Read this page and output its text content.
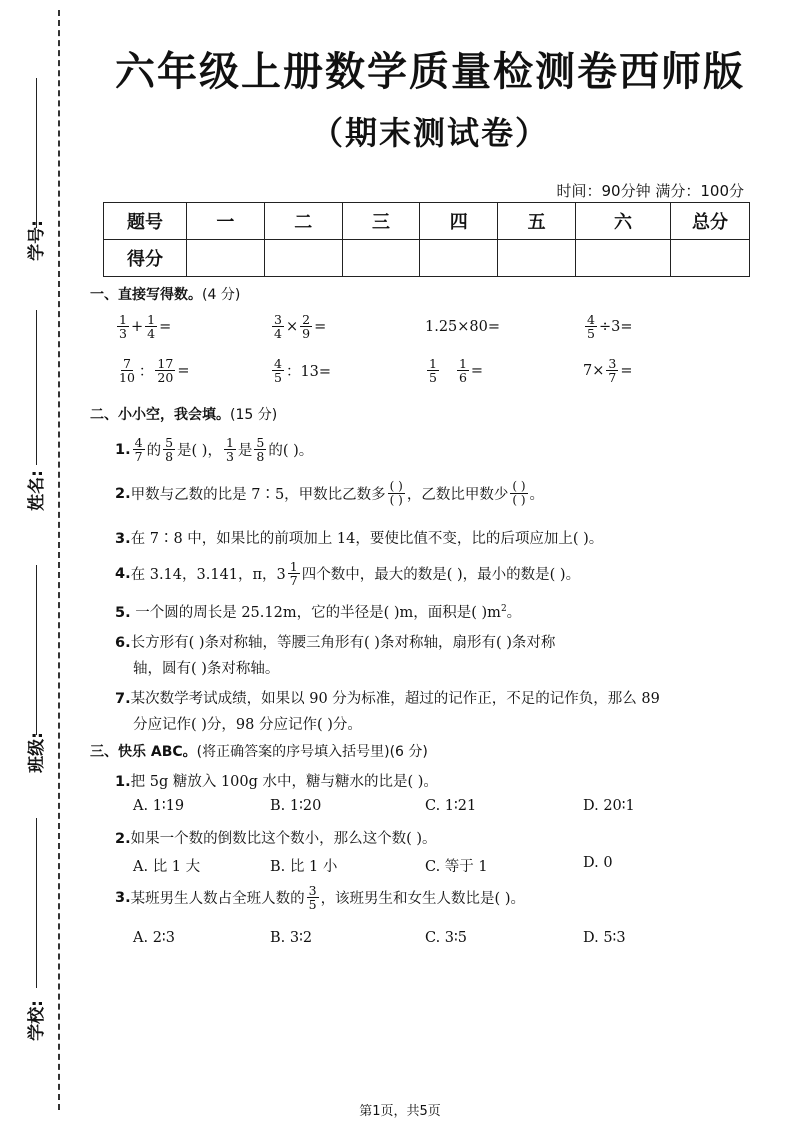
学号:
姓名:
班级:
学校:
六年级上册数学质量检测卷西师版
（期末测试卷）
时间：90分钟 满分：100分
题号	一	二	三	四	五	六	总分
得分							
一、直接写得数。(4 分)
$\frac{1}{3} + \frac{1}{4}$ =	$\frac{3}{4} \times \frac{2}{9}$ =	1.25×80=	$\frac{4}{5} \div 3=$
$\frac{7}{10}$ ： $\frac{17}{20}$ =	$\frac{4}{5}$ ：13=	$\frac{1}{5} \frac{1}{6}$ =	$7\times \frac{3}{7}$ =
二、小小空，我会填。(15 分)
1. $\frac{4}{7}$ 的 $\frac{5}{8}$ 是( )， $\frac{1}{3}$ 是 $\frac{5}{8}$ 的( )。
2. 甲数与乙数的比是 7∶5，甲数比乙数多 $\frac{( )}{( )}$ ，乙数比甲数少 $\frac{( )}{( )}$ 。
3.在 7∶8 中，如果比的前项加上 14，要使比值不变，比的后项应加上( )。
4. 在 3.14，3.141，π，$3 \frac{1}{7}$ 四个数中，最大的数是( )，最小的数是( )。
5. 一个圆的周长是 25.12m，它的半径是( )m，面积是( )$m^2$。
6.长方形有( )条对称轴，等腰三角形有( )条对称轴，扇形有( )条对称
轴，圆有( )条对称轴。
7.某次数学考试成绩，如果以 90 分为标准，超过的记作正，不足的记作负，那么 89
分应记作( )分，98 分应记作( )分。
三、快乐 ABC。(将正确答案的序号填入括号里)(6 分)
1.把 5g 糖放入 100g 水中，糖与糖水的比是( )。
A. 1∶19	B. 1∶20	C. 1∶21	D. 20∶1
2.如果一个数的倒数比这个数小，那么这个数( )。
A. 比 1 大	B. 比 1 小	C. 等于 1	D. 0
3. 某班男生人数占全班人数的 $\frac{3}{5}$ ，该班男生和女生人数比是( )。
A. 2∶3	B. 3∶2	C. 3∶5	D. 5∶3
第1页，共5页
